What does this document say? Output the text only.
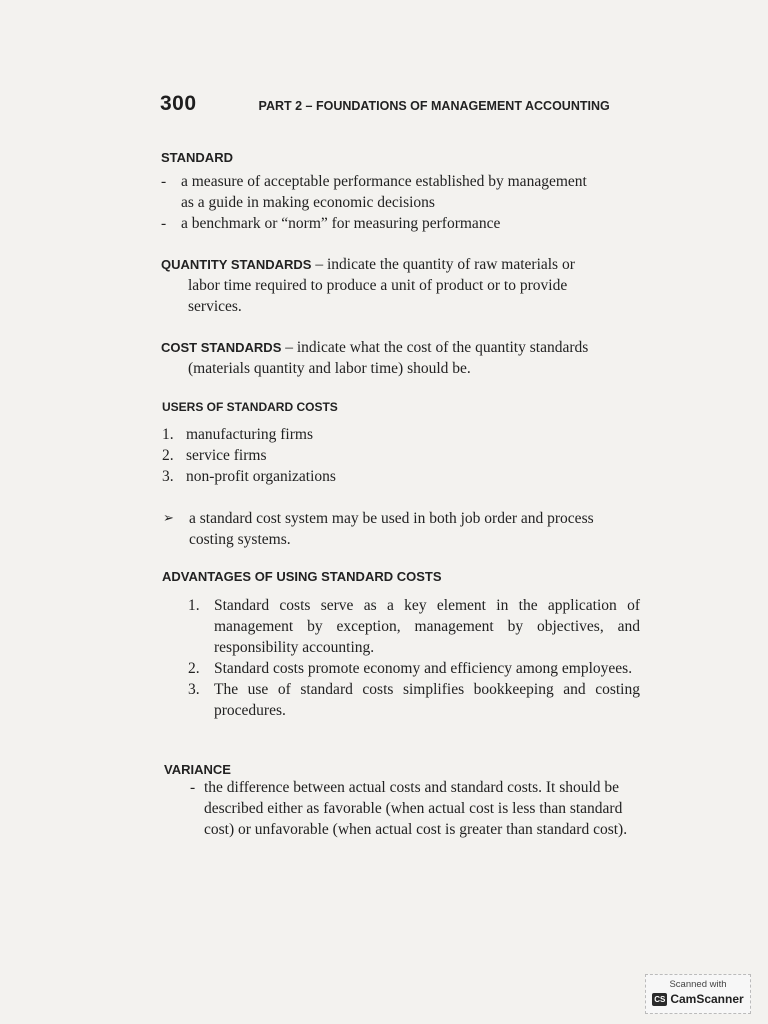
300	PART 2 – FOUNDATIONS OF MANAGEMENT ACCOUNTING
STANDARD
- a measure of acceptable performance established by management
as a guide in making economic decisions
- a benchmark or “norm” for measuring performance
QUANTITY STANDARDS – indicate the quantity of raw materials or
labor time required to produce a unit of product or to provide
services.
COST STANDARDS – indicate what the cost of the quantity standards
(materials quantity and labor time) should be.
USERS OF STANDARD COSTS
1. manufacturing firms
2. service firms
3. non-profit organizations
➢ a standard cost system may be used in both job order and process
costing systems.
ADVANTAGES OF USING STANDARD COSTS
1. Standard costs serve as a key element in the application of management by exception, management by objectives, and responsibility accounting.
2. Standard costs promote economy and efficiency among employees.
3. The use of standard costs simplifies bookkeeping and costing procedures.
VARIANCE
- the difference between actual costs and standard costs. It should be described either as favorable (when actual cost is less than standard cost) or unfavorable (when actual cost is greater than standard cost).
Scanned with
CS CamScanner
